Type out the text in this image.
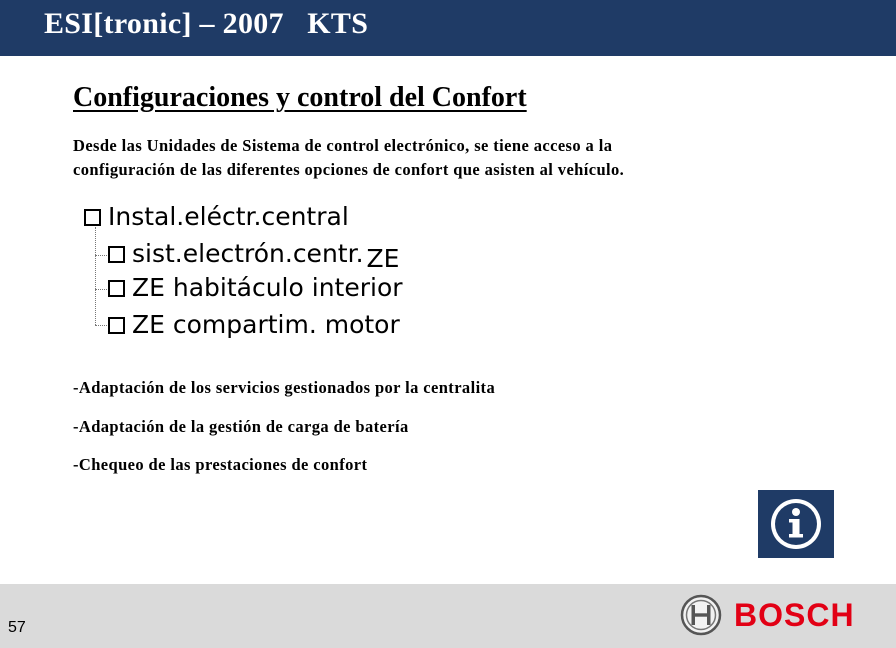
ESI[tronic] – 2007   KTS
Configuraciones y control del Confort
Desde las Unidades de Sistema de control electrónico, se tiene acceso a la
configuración de las diferentes opciones de confort que asisten al vehículo.
Instal.eléctr.central
sist.electrón.centr. ZE
ZE habitáculo interior
ZE compartim. motor
-Adaptación de los servicios gestionados por la centralita
-Adaptación de la gestión de carga de batería
-Chequeo de las prestaciones de confort
57	BOSCH
